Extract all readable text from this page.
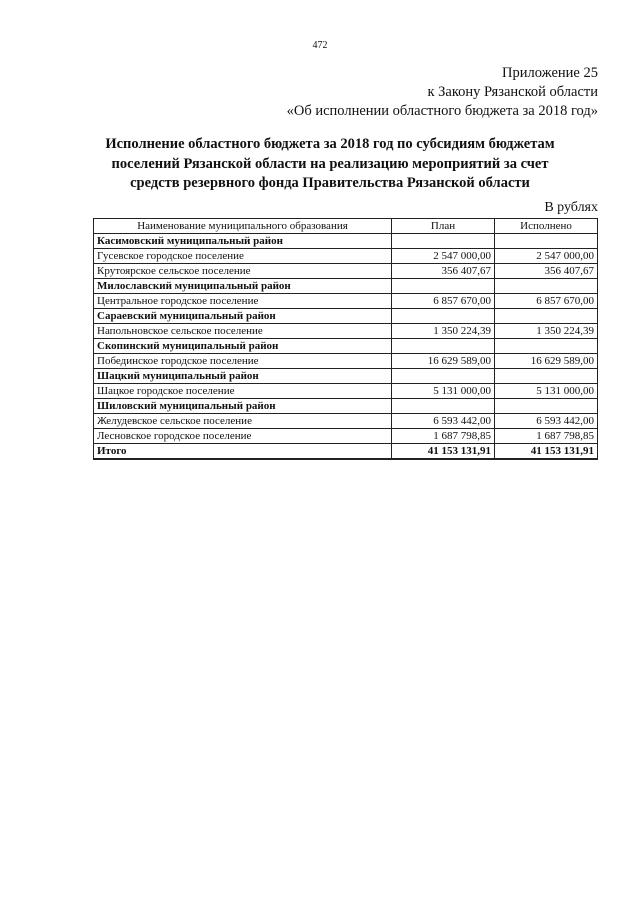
472
Приложение 25
к Закону Рязанской области
«Об исполнении областного бюджета за 2018 год»
Исполнение областного бюджета за 2018 год по субсидиям бюджетам
поселений Рязанской области на реализацию мероприятий за счет
средств резервного фонда Правительства Рязанской области
В рублях
Наименование муниципального образования	План	Исполнено
Касимовский муниципальный район		
Гусевское городское поселение	2 547 000,00	2 547 000,00
Крутоярское сельское поселение	356 407,67	356 407,67
Милославский муниципальный район		
Центральное городское поселение	6 857 670,00	6 857 670,00
Сараевский муниципальный район		
Напольновское сельское поселение	1 350 224,39	1 350 224,39
Скопинский муниципальный район		
Побединское городское поселение	16 629 589,00	16 629 589,00
Шацкий муниципальный район		
Шацкое городское поселение	5 131 000,00	5 131 000,00
Шиловский муниципальный район		
Желудевское сельское поселение	6 593 442,00	6 593 442,00
Лесновское городское поселение	1 687 798,85	1 687 798,85
Итого	41 153 131,91	41 153 131,91
